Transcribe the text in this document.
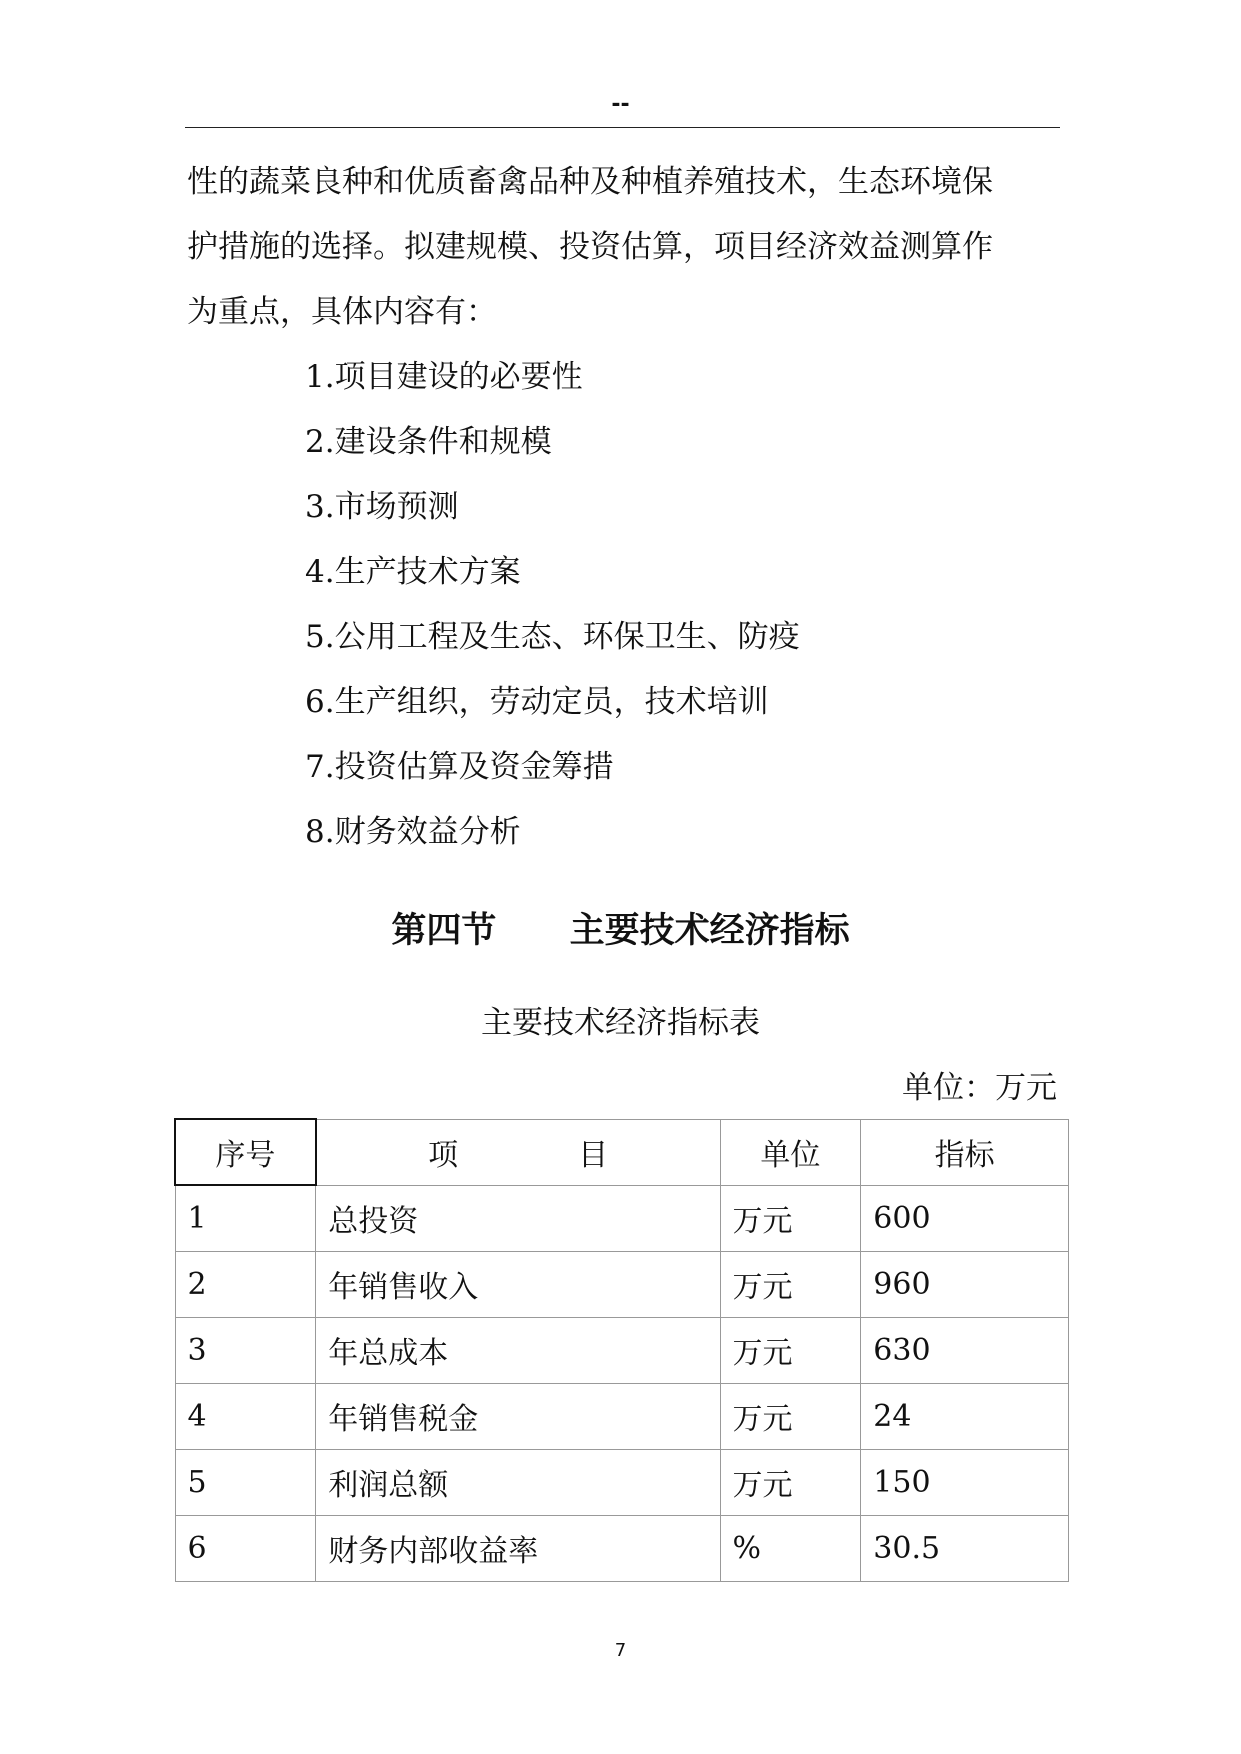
--

性的蔬菜良种和优质畜禽品种及种植养殖技术，生态环境保
护措施的选择。拟建规模、投资估算，项目经济效益测算作
为重点，具体内容有：

1.项目建设的必要性
2.建设条件和规模
3.市场预测
4.生产技术方案
5.公用工程及生态、环保卫生、防疫
6.生产组织，劳动定员，技术培训
7.投资估算及资金筹措
8.财务效益分析
第四节 主要技术经济指标
主要技术经济指标表
单位：万元
序号	项 目	单位	指标
1	总投资	万元	600
2	年销售收入	万元	960
3	年总成本	万元	630
4	年销售税金	万元	24
5	利润总额	万元	150
6	财务内部收益率	%	30.5
7
